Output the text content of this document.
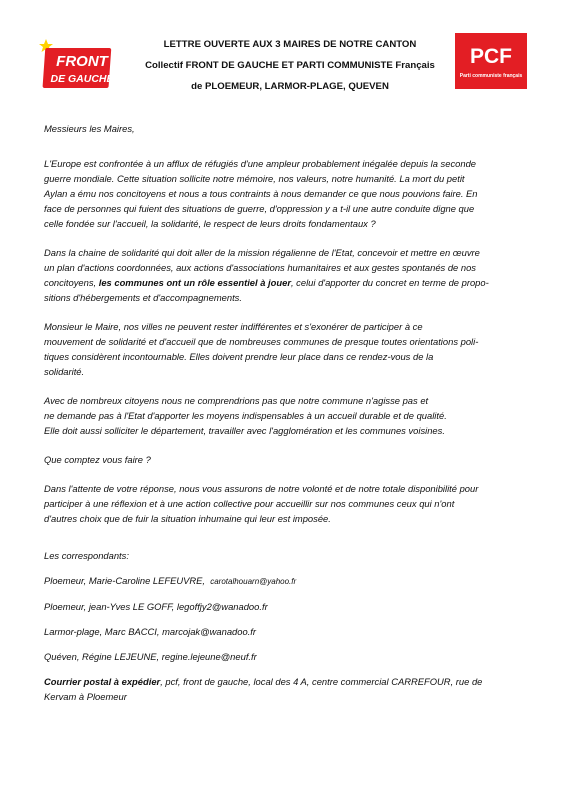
FRONT
DE GAUCHE
LETTRE OUVERTE AUX 3 MAIRES DE NOTRE CANTON
Collectif FRONT DE GAUCHE ET PARTI COMMUNISTE Français
de PLOEMEUR, LARMOR-PLAGE, QUEVEN
PCF
Parti communiste français

Messieurs les Maires,

L'Europe est confrontée à un afflux de réfugiés d'une ampleur probablement inégalée depuis la seconde
guerre mondiale. Cette situation sollicite notre mémoire, nos valeurs, notre humanité. La mort du petit
Aylan a ému nos concitoyens et nous a tous contraints à nous demander ce que nous pouvions faire. En
face de personnes qui fuient des situations de guerre, d'oppression y a t-il une autre conduite digne que
celle fondée sur l'accueil, la solidarité, le respect de leurs droits fondamentaux ?

Dans la chaine de solidarité qui doit aller de la mission régalienne de l'Etat, concevoir et mettre en œuvre
un plan d'actions coordonnées, aux actions d'associations humanitaires et aux gestes spontanés de nos
concitoyens, les communes ont un rôle essentiel à jouer, celui d'apporter du concret en terme de propo-
sitions d'hébergements et d'accompagnements.

Monsieur le Maire, nos villes ne peuvent rester indifférentes et s'exonérer de participer à ce
mouvement de solidarité et d'accueil que de nombreuses communes de presque toutes orientations poli-
tiques considèrent incontournable. Elles doivent prendre leur place dans ce rendez-vous de la
solidarité.

Avec de nombreux citoyens nous ne comprendrions pas que notre commune n'agisse pas et
ne demande pas à l'Etat d'apporter les moyens indispensables à un accueil durable et de qualité.
Elle doit aussi solliciter le département, travailler avec l'agglomération et les communes voisines.

Que comptez vous faire ?

Dans l'attente de votre réponse, nous vous assurons de notre volonté et de notre totale disponibilité pour
participer à une réflexion et à une action collective pour accueillir sur nos communes ceux qui n'ont
d'autres choix que de fuir la situation inhumaine qui leur est imposée.

Les correspondants:

Ploemeur, Marie-Caroline LEFEUVRE, carotalhouarn@yahoo.fr

Ploemeur, jean-Yves LE GOFF, legoffjy2@wanadoo.fr

Larmor-plage, Marc BACCI, marcojak@wanadoo.fr

Quéven, Régine LEJEUNE, regine.lejeune@neuf.fr

Courrier postal à expédier, pcf, front de gauche, local des 4 A, centre commercial CARREFOUR, rue de
Kervam à Ploemeur
